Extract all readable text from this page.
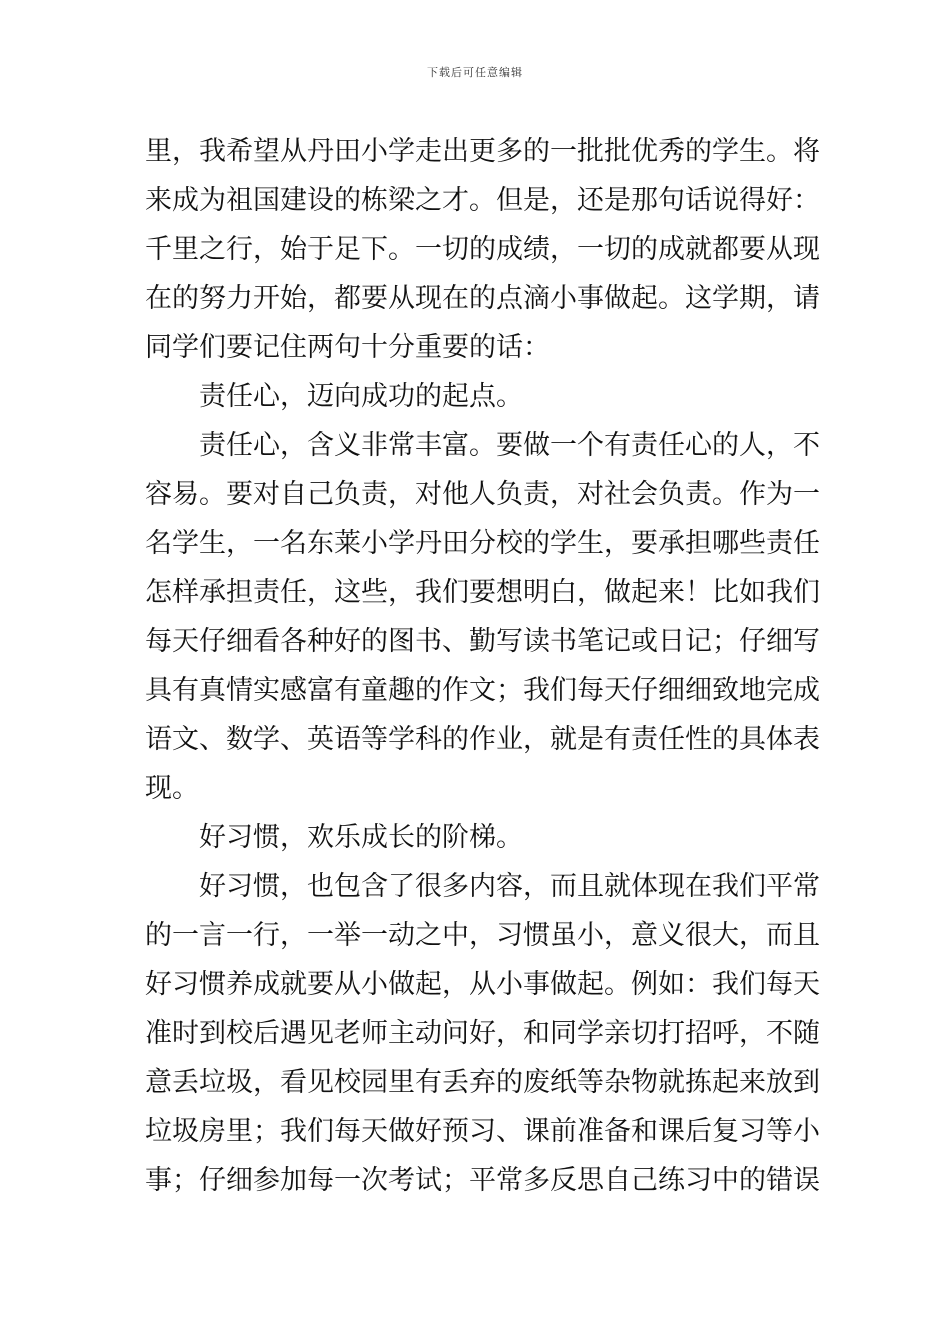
下载后可任意编辑
里，我希望从丹田小学走出更多的一批批优秀的学生。将
来成为祖国建设的栋梁之才。但是，还是那句话说得好：
千里之行，始于足下。一切的成绩，一切的成就都要从现
在的努力开始，都要从现在的点滴小事做起。这学期，请
同学们要记住两句十分重要的话：
责任心，迈向成功的起点。
责任心，含义非常丰富。要做一个有责任心的人，不
容易。要对自己负责，对他人负责，对社会负责。作为一
名学生，一名东莱小学丹田分校的学生，要承担哪些责任
怎样承担责任，这些，我们要想明白，做起来！比如我们
每天仔细看各种好的图书、勤写读书笔记或日记；仔细写
具有真情实感富有童趣的作文；我们每天仔细细致地完成
语文、数学、英语等学科的作业，就是有责任性的具体表
现。
好习惯，欢乐成长的阶梯。
好习惯，也包含了很多内容，而且就体现在我们平常
的一言一行，一举一动之中，习惯虽小，意义很大，而且
好习惯养成就要从小做起，从小事做起。例如：我们每天
准时到校后遇见老师主动问好，和同学亲切打招呼，不随
意丢垃圾，看见校园里有丢弃的废纸等杂物就拣起来放到
垃圾房里；我们每天做好预习、课前准备和课后复习等小
事；仔细参加每一次考试；平常多反思自己练习中的错误
